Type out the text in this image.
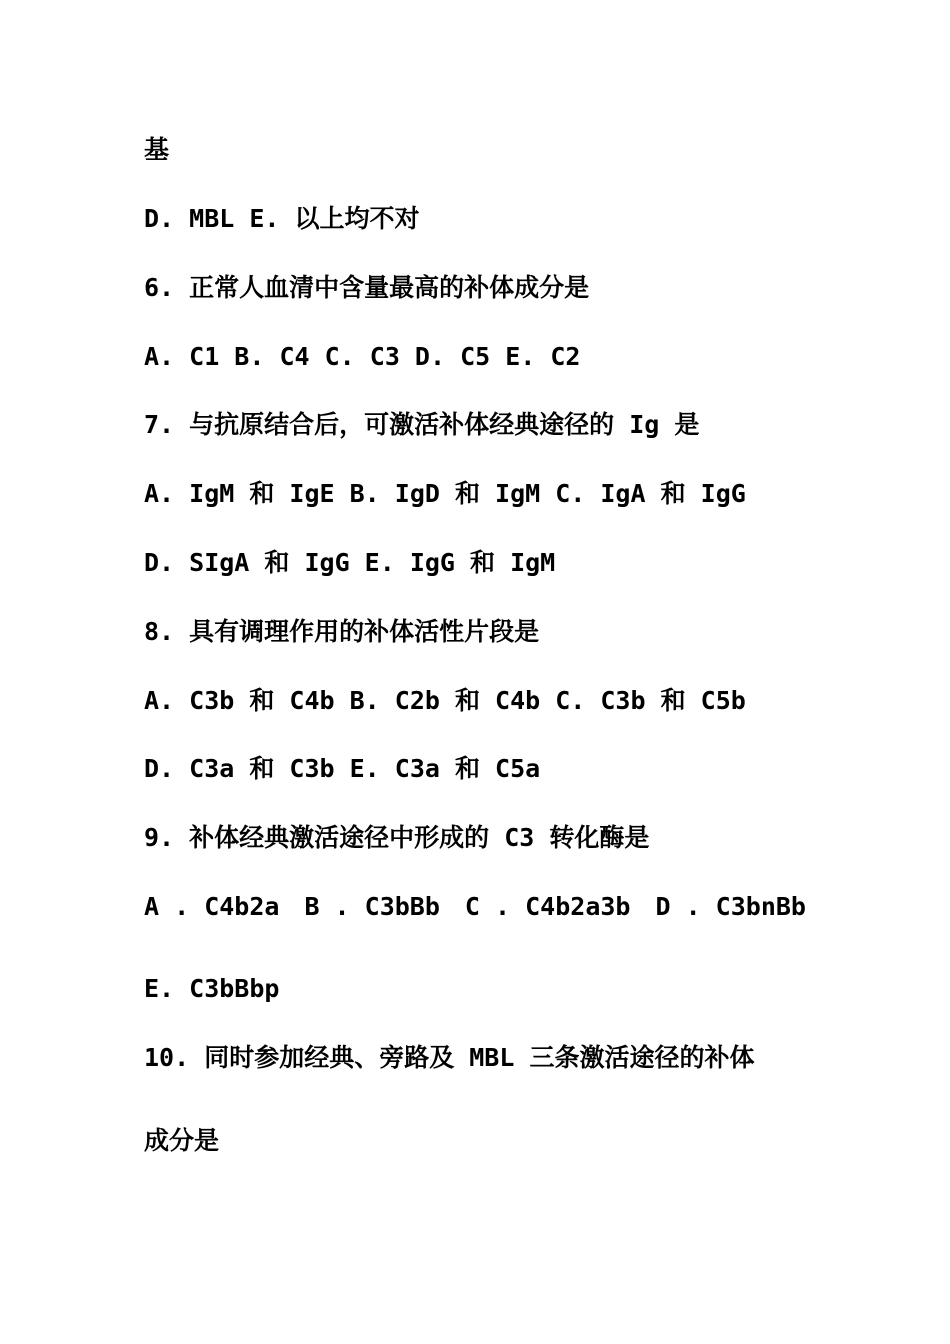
基
D. MBL E. 以上均不对
6. 正常人血清中含量最高的补体成分是
A. C1 B. C4 C. C3 D. C5 E. C2
7. 与抗原结合后，可激活补体经典途径的 Ig 是
A. IgM 和 IgE B. IgD 和 IgM C. IgA 和 IgG
D. SIgA 和 IgG E. IgG 和 IgM
8. 具有调理作用的补体活性片段是
A. C3b 和 C4b B. C2b 和 C4b C. C3b 和 C5b
D. C3a 和 C3b E. C3a 和 C5a
9. 补体经典激活途径中形成的 C3 转化酶是
A . C4b2a B . C3bBb C . C4b2a3b D . C3bnBb
E. C3bBbp
10. 同时参加经典、旁路及 MBL 三条激活途径的补体
成分是
